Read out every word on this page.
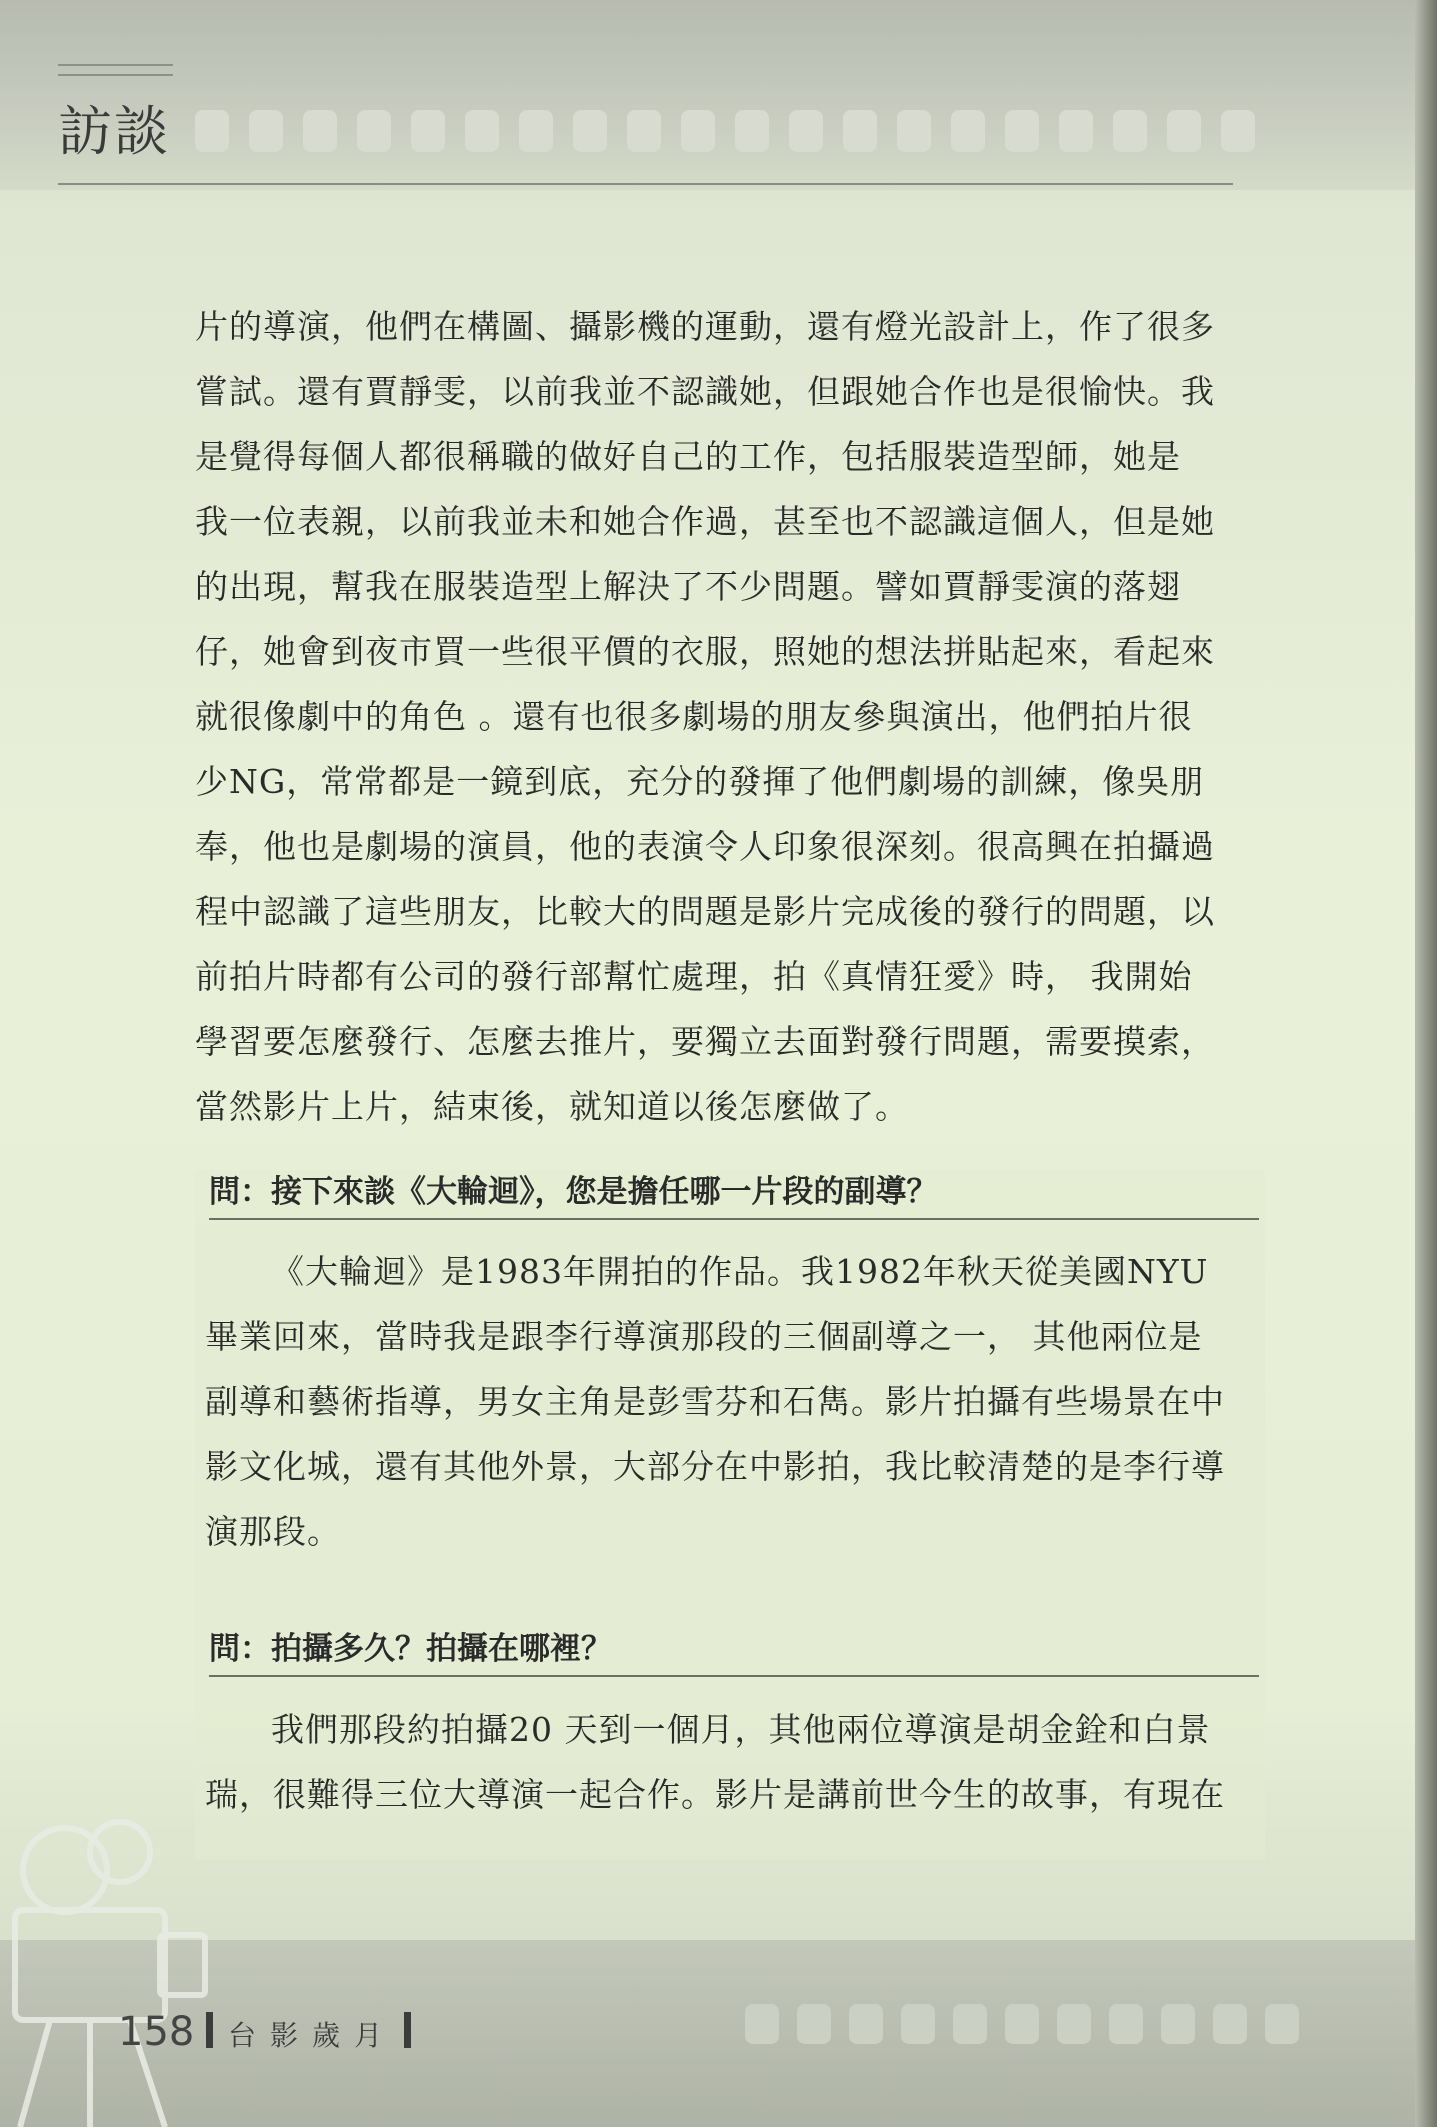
訪談
片的導演，他們在構圖、攝影機的運動，還有燈光設計上，作了很多
嘗試。還有賈靜雯，以前我並不認識她，但跟她合作也是很愉快。我
是覺得每個人都很稱職的做好自己的工作，包括服裝造型師，她是
我一位表親，以前我並未和她合作過，甚至也不認識這個人，但是她
的出現，幫我在服裝造型上解決了不少問題。譬如賈靜雯演的落翅
仔，她會到夜市買一些很平價的衣服，照她的想法拼貼起來，看起來
就很像劇中的角色 。還有也很多劇場的朋友參與演出，他們拍片很
少NG，常常都是一鏡到底，充分的發揮了他們劇場的訓練，像吳朋
奉，他也是劇場的演員，他的表演令人印象很深刻。很高興在拍攝過
程中認識了這些朋友，比較大的問題是影片完成後的發行的問題，以
前拍片時都有公司的發行部幫忙處理，拍《真情狂愛》時， 我開始
學習要怎麼發行、怎麼去推片，要獨立去面對發行問題，需要摸索，
當然影片上片，結束後，就知道以後怎麼做了。
問：接下來談《大輪迴》，您是擔任哪一片段的副導？
《大輪迴》是1983年開拍的作品。我1982年秋天從美國NYU
畢業回來，當時我是跟李行導演那段的三個副導之一， 其他兩位是
副導和藝術指導，男女主角是彭雪芬和石雋。影片拍攝有些場景在中
影文化城，還有其他外景，大部分在中影拍，我比較清楚的是李行導
演那段。
問：拍攝多久？拍攝在哪裡？
我們那段約拍攝20 天到一個月，其他兩位導演是胡金銓和白景
瑞，很難得三位大導演一起合作。影片是講前世今生的故事，有現在
158 台影歲月
